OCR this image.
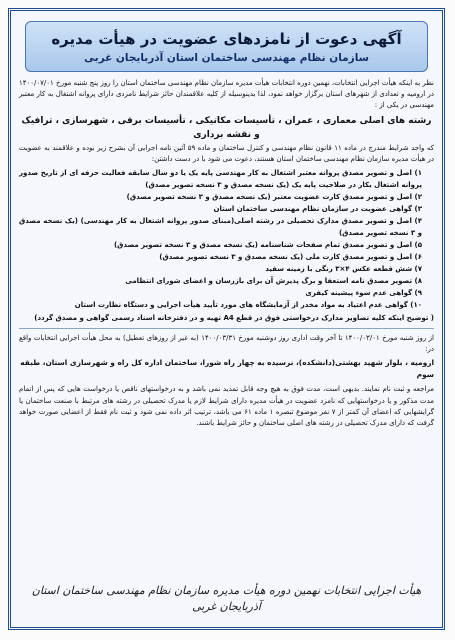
آگهی دعوت از نامزدهای عضویت در هیأت مدیره
سازمان نظام مهندسی ساختمان استان آذربایجان غربی

نظر به اینکه هیأت اجرایی انتخابات، نهمین دوره انتخابات هیأت مدیره سازمان نظام مهندسی ساختمان استان را روز پنج شنبه مورخ ۱۴۰۰/۰۷/۰۱ در ارومیه و تعدادی از شهرهای استان برگزار خواهد نمود، لذا بدینوسیله از کلیه علاقمندان حائز شرایط نامزدی دارای پروانه اشتغال به کار معتبر مهندسی در یکی از :

رشته های اصلی معماری ، عمران ، تأسیسات مکانیکی ، تأسیسات برقی ، شهرسازی ، ترافیک و نقشه برداری

که واجد شرایط مندرج در ماده ۱۱ قانون نظام مهندسی و کنترل ساختمان و ماده ۵۹ آئین نامه اجرایی آن بشرح زیر بوده و علاقمند به عضویت در هیأت مدیره سازمان نظام مهندسی ساختمان استان هستند، دعوت می شود با در دست داشتن:

۱) اصل و تصویر مصدق پروانه معتبر اشتغال به کار مهندسی پایه یک یا دو سال سابقه فعالیت حرفه ای از تاریخ صدور پروانه اشتغال بکار در صلاحیت پایه یک (یک نسخه مصدق و ۳ نسخه تصویر مصدق)
۲) اصل و تصویر مصدق کارت عضویت معتبر (یک نسخه مصدق و ۳ نسخه تصویر مصدق)
۳) گواهی عضویت در سازمان نظام مهندسی ساختمان استان
۴) اصل و تصویر مصدق مدارک تحصیلی در رشته اصلی(مبنای صدور پروانه اشتغال به کار مهندسی) (یک نسخه مصدق و ۳ نسخه تصویر مصدق)
۵) اصل و تصویر مصدق تمام صفحات شناسنامه (یک نسخه مصدق و ۳ نسخه تصویر مصدق)
۶) اصل و تصویر مصدق کارت ملی (یک نسخه مصدق و ۳ نسخه تصویر مصدق)
۷) شش قطعه عکس ۴×۳ رنگی با زمینه سفید
۸) تصویر مصدق نامه استعفا و برگ پذیرش آن برای بازرسان و اعضای شورای انتظامی
۹) گواهی عدم سوء پیشینه کیفری
۱۰) گواهی عدم اعتیاد به مواد مخدر از آزمایشگاه های مورد تأیید هیأت اجرایی و دستگاه نظارت استان
( توضیح اینکه کلیه تصاویر مدارک درخواستی فوق در قطع A4 تهیه و در دفترخانه اسناد رسمی گواهی و مصدق گردد)

از روز شنبه مورخ ۱۴۰۰/۰۳/۰۱ تا آخر وقت اداری روز دوشنبه مورخ ۱۴۰۰/۰۳/۳۱ (به غیر از روزهای تعطیل) به محل هیأت اجرایی انتخابات واقع در:

ارومیه ، بلوار شهید بهشتی(دانشکده)، نرسیده به چهار راه شورا، ساختمان اداره کل راه و شهرسازی استان، طبقه سوم

مراجعه و ثبت نام نمایند. بدیهی است، مدت فوق به هیچ وجه قابل تمدید نمی باشد و به درخواستهای ناقص یا درخواست هایی که پس از اتمام مدت مذکور و یا درخواستهایی که نامزد عضویت در هیأت مدیره دارای شرایط لازم یا مدرک تحصیلی در رشته های مرتبط با صنعت ساختمان یا گرایشهایی که اعضای آن کمتر از ۷ نفر موضوع تبصره ۱ ماده ۶۱ می باشد، ترتیب اثر داده نمی شود و ثبت نام فقط از اعضایی صورت خواهد گرفت که دارای مدرک تحصیلی در رشته های اصلی ساختمان و حائز شرایط باشند.

هیأت اجرایی انتخابات نهمین دوره هیأت مدیره سازمان نظام مهندسی ساختمان استان آذربایجان غربی
